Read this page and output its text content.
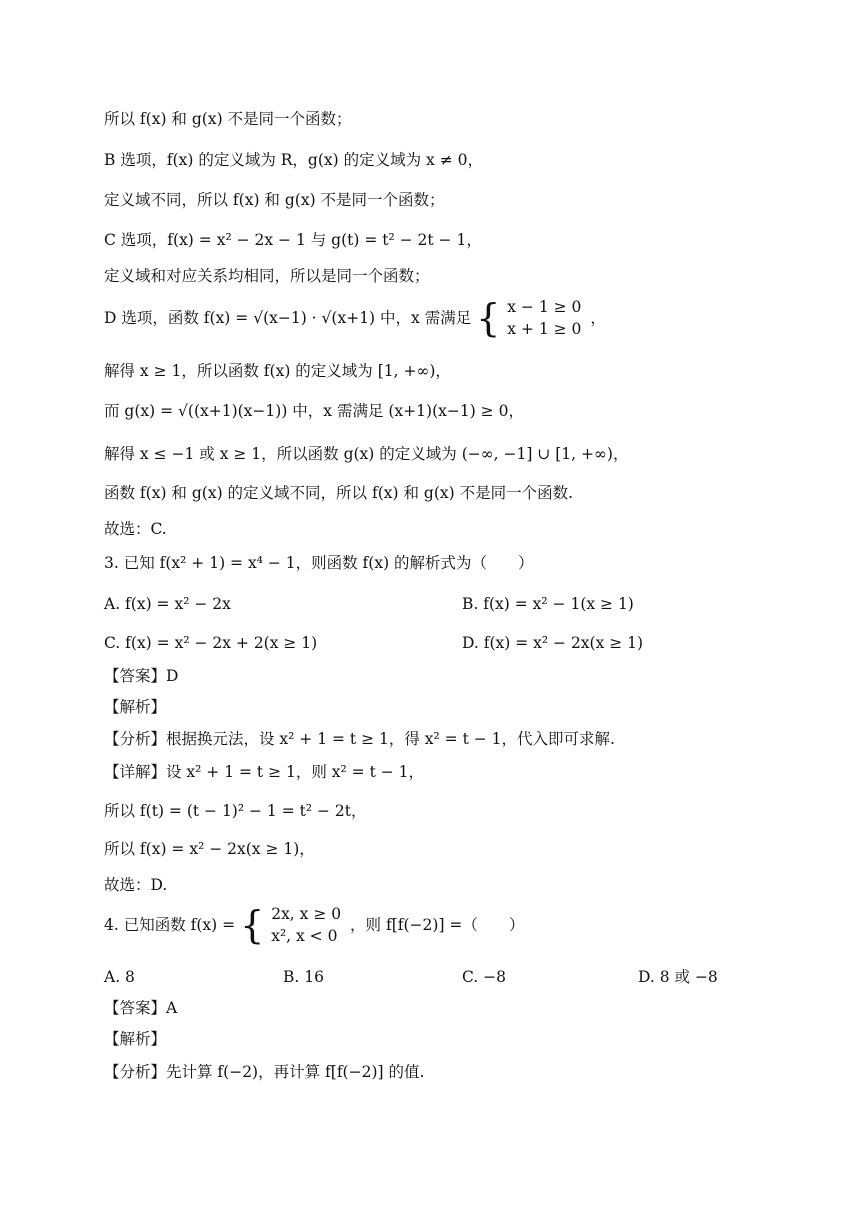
所以 f(x) 和 g(x) 不是同一个函数；
B 选项，f(x) 的定义域为 R，g(x) 的定义域为 x ≠ 0，
定义域不同，所以 f(x) 和 g(x) 不是同一个函数；
C 选项，f(x) = x² − 2x − 1 与 g(t) = t² − 2t − 1，
定义域和对应关系均相同，所以是同一个函数；
D 选项，函数 f(x) = √(x−1) · √(x+1) 中，x 需满足 { x − 1 ≥ 0
x + 1 ≥ 0
，
解得 x ≥ 1，所以函数 f(x) 的定义域为 [1, +∞)，
而 g(x) = √((x+1)(x−1)) 中，x 需满足 (x+1)(x−1) ≥ 0，
解得 x ≤ −1 或 x ≥ 1，所以函数 g(x) 的定义域为 (−∞, −1] ∪ [1, +∞)，
函数 f(x) 和 g(x) 的定义域不同，所以 f(x) 和 g(x) 不是同一个函数.
故选：C.
3. 已知 f(x² + 1) = x⁴ − 1，则函数 f(x) 的解析式为（　　）
A. f(x) = x² − 2x	B. f(x) = x² − 1(x ≥ 1)
C. f(x) = x² − 2x + 2(x ≥ 1)	D. f(x) = x² − 2x(x ≥ 1)
【答案】D
【解析】
【分析】根据换元法，设 x² + 1 = t ≥ 1，得 x² = t − 1，代入即可求解.
【详解】设 x² + 1 = t ≥ 1，则 x² = t − 1，
所以 f(t) = (t − 1)² − 1 = t² − 2t，
所以 f(x) = x² − 2x(x ≥ 1)，
故选：D.
4. 已知函数 f(x) = { 2x, x ≥ 0
x², x < 0
，则 f[f(−2)] =（　　）
A. 8	B. 16	C. −8	D. 8 或 −8
【答案】A
【解析】
【分析】先计算 f(−2)，再计算 f[f(−2)] 的值.
